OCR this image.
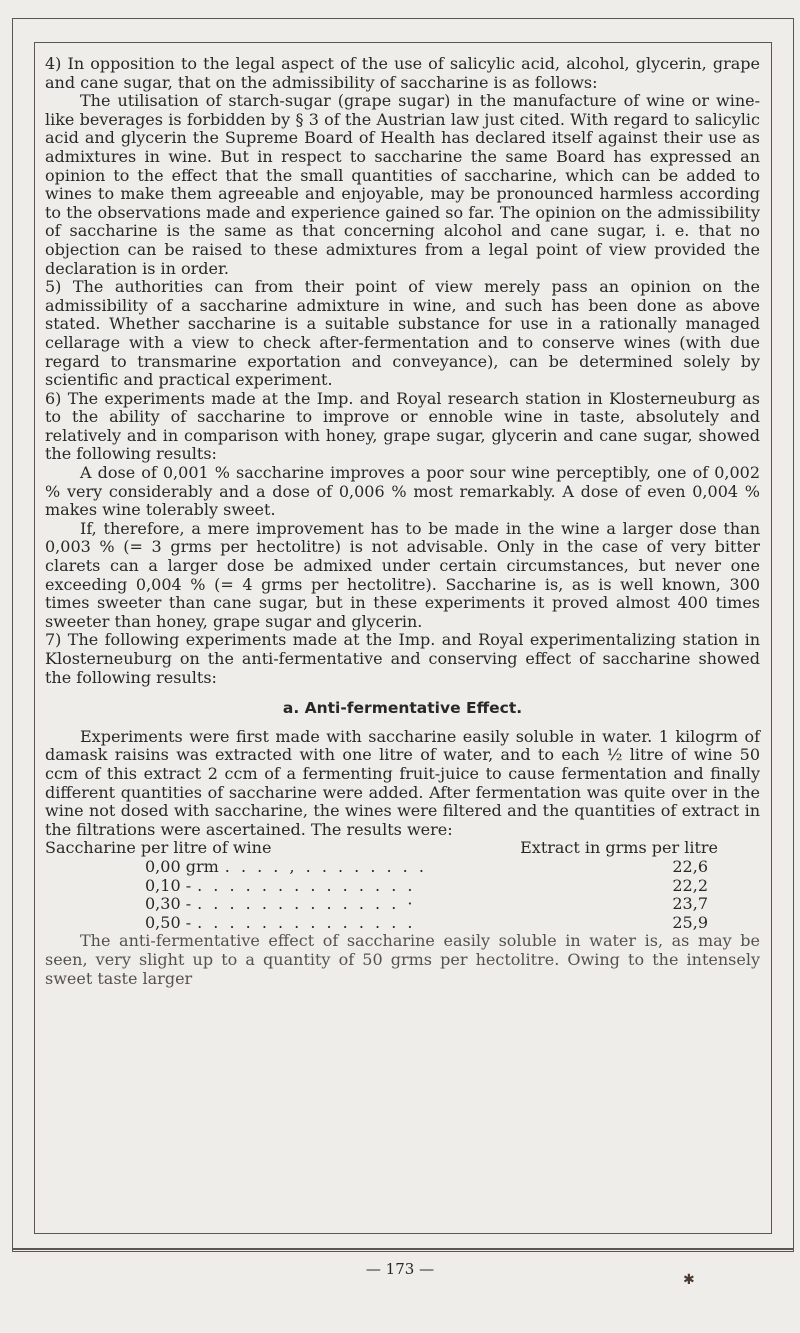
4) In opposition to the legal aspect of the use of salicylic acid, alcohol, glycerin, grape and cane sugar, that on the admissibility of saccharine is as follows:

The utilisation of starch-sugar (grape sugar) in the manufacture of wine or wine-like beverages is forbidden by § 3 of the Austrian law just cited. With regard to salicylic acid and glycerin the Supreme Board of Health has declared itself against their use as admixtures in wine. But in respect to saccharine the same Board has expressed an opinion to the effect that the small quantities of saccharine, which can be added to wines to make them agreeable and enjoyable, may be pronounced harmless according to the observations made and experience gained so far. The opinion on the admissibility of saccharine is the same as that concerning alcohol and cane sugar, i. e. that no objection can be raised to these admixtures from a legal point of view provided the declaration is in order.

5) The authorities can from their point of view merely pass an opinion on the admissibility of a saccharine admixture in wine, and such has been done as above stated. Whether saccharine is a suitable substance for use in a rationally managed cellarage with a view to check after-fermentation and to conserve wines (with due regard to transmarine exportation and conveyance), can be determined solely by scientific and practical experiment.

6) The experiments made at the Imp. and Royal research station in Klosterneuburg as to the ability of saccharine to improve or ennoble wine in taste, absolutely and relatively and in comparison with honey, grape sugar, glycerin and cane sugar, showed the following results:

A dose of 0,001 % saccharine improves a poor sour wine perceptibly, one of 0,002 % very considerably and a dose of 0,006 % most remarkably. A dose of even 0,004 % makes wine tolerably sweet.

If, therefore, a mere improvement has to be made in the wine a larger dose than 0,003 % (= 3 grms per hectolitre) is not advisable. Only in the case of very bitter clarets can a larger dose be admixed under certain circumstances, but never one exceeding 0,004 % (= 4 grms per hectolitre). Saccharine is, as is well known, 300 times sweeter than cane sugar, but in these experiments it proved almost 400 times sweeter than honey, grape sugar and glycerin.

7) The following experiments made at the Imp. and Royal experimentalizing station in Klosterneuburg on the anti-fermentative and conserving effect of saccharine showed the following results:

a. Anti-fermentative Effect.

Experiments were first made with saccharine easily soluble in water. 1 kilogrm of damask raisins was extracted with one litre of water, and to each ½ litre of wine 50 ccm of this extract 2 ccm of a fermenting fruit-juice to cause fermentation and finally different quantities of saccharine were added. After fermentation was quite over in the wine not dosed with saccharine, the wines were filtered and the quantities of extract in the filtrations were ascertained. The results were:

Saccharine per litre of wine	Extract in grms per litre
0,00 grm . . . . , . . . . . . . .	22,6
0,10 - . . . . . . . . . . . . . .	22,2
0,30 - . . . . . . . . . . . . . ·	23,7
0,50 - . . . . . . . . . . . . . .	25,9

The anti-fermentative effect of saccharine easily soluble in water is, as may be seen, very slight up to a quantity of 50 grms per hectolitre. Owing to the intensely sweet taste larger

— 173 —
✱
